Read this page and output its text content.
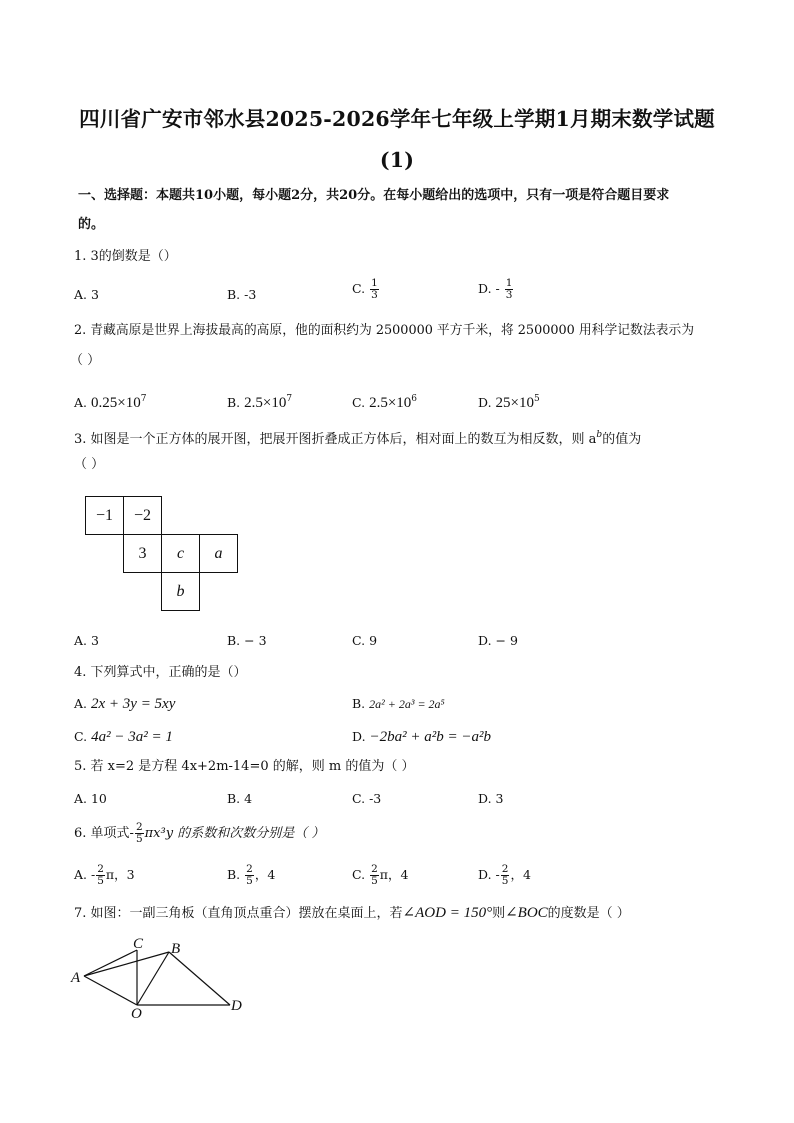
四川省广安市邻水县2025-2026学年七年级上学期1月期末数学试题
(1)
一、选择题：本题共10小题，每小题2分，共20分。在每小题给出的选项中，只有一项是符合题目要求
的。
1. 3的倒数是（）
A. 3	B. -3	C. $\frac{1}{3}$	D. - $\frac{1}{3}$
2. 青藏高原是世界上海拔最高的高原，他的面积约为 2500000 平方千米，将 2500000 用科学记数法表示为
（ ）
A. $0.25\times 10^7$	B. $2.5\times 10^7$	C. $2.5\times 10^6$	D. $25\times 10^5$
3. 如图是一个正方体的展开图，把展开图折叠成正方体后，相对面上的数互为相反数，则 $a^b$的值为
（ ）
−1	−2
3	c	a
b
A. 3	B. − 3	C. 9	D. − 9
4. 下列算式中，正确的是（）
A. 2x + 3y = 5xy	B. 2a² + 2a³ = 2a⁵
C. 4a² − 3a² = 1	D. −2ba² + a²b = −a²b
5. 若 x=2 是方程 4x+2m-14=0 的解，则 m 的值为（ ）
A. 10	B. 4	C. -3	D. 3
6. 单项式- $\frac{2}{5} \pi x^3y$ 的系数和次数分别是（ ）
A. - $\frac{2}{5}$ π，3	B. $\frac{2}{5}$ ，4	C. $\frac{2}{5}$ π，4	D. - $\frac{2}{5}$ ，4
7. 如图：一副三角板（直角顶点重合）摆放在桌面上，若∠AOD = 150°则∠BOC的度数是（ ）
C B
A
O	D
